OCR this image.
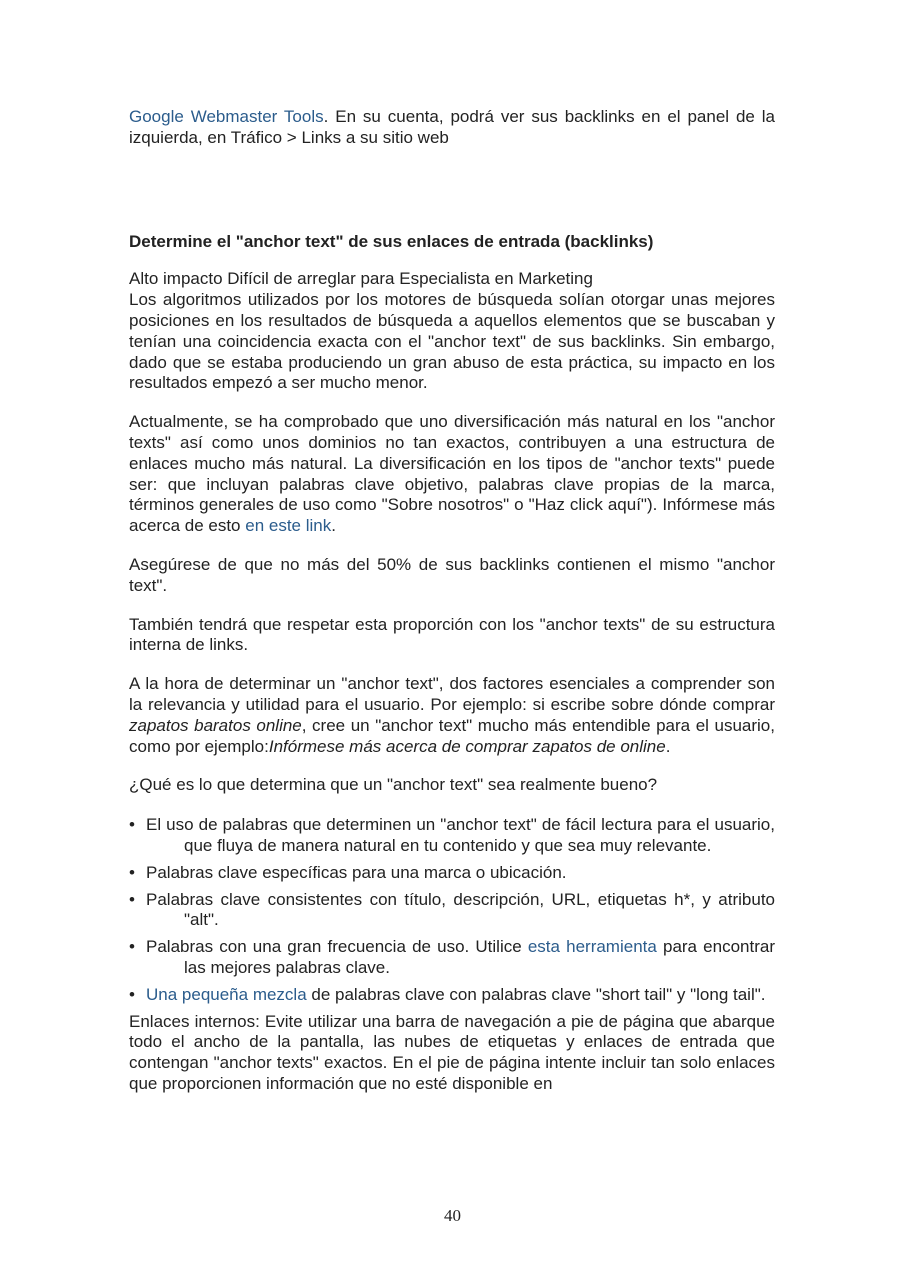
Google Webmaster Tools. En su cuenta, podrá ver sus backlinks en el panel de la izquierda, en Tráfico > Links a su sitio web

Determine el "anchor text" de sus enlaces de entrada (backlinks)

Alto impacto Difícil de arreglar para Especialista en Marketing

Los algoritmos utilizados por los motores de búsqueda solían otorgar unas mejores posiciones en los resultados de búsqueda a aquellos elementos que se buscaban y tenían una coincidencia exacta con el "anchor text" de sus backlinks. Sin embargo, dado que se estaba produciendo un gran abuso de esta práctica, su impacto en los resultados empezó a ser mucho menor.

Actualmente, se ha comprobado que uno diversificación más natural en los "anchor texts" así como unos dominios no tan exactos, contribuyen a una estructura de enlaces mucho más natural. La diversificación en los tipos de "anchor texts" puede ser: que incluyan palabras clave objetivo, palabras clave propias de la marca, términos generales de uso como "Sobre nosotros" o "Haz click aquí"). Infórmese más acerca de esto en este link.

Asegúrese de que no más del 50% de sus backlinks contienen el mismo "anchor text".

También tendrá que respetar esta proporción con los "anchor texts" de su estructura interna de links.

A la hora de determinar un "anchor text", dos factores esenciales a comprender son la relevancia y utilidad para el usuario. Por ejemplo: si escribe sobre dónde comprar zapatos baratos online, cree un "anchor text" mucho más entendible para el usuario, como por ejemplo:Infórmese más acerca de comprar zapatos de online.

¿Qué es lo que determina que un "anchor text" sea realmente bueno?

• El uso de palabras que determinen un "anchor text" de fácil lectura para el usuario, que fluya de manera natural en tu contenido y que sea muy relevante.
• Palabras clave específicas para una marca o ubicación.
• Palabras clave consistentes con título, descripción, URL, etiquetas h*, y atributo "alt".
• Palabras con una gran frecuencia de uso. Utilice esta herramienta para encontrar las mejores palabras clave.
• Una pequeña mezcla de palabras clave con palabras clave "short tail" y "long tail".

Enlaces internos: Evite utilizar una barra de navegación a pie de página que abarque todo el ancho de la pantalla, las nubes de etiquetas y enlaces de entrada que contengan "anchor texts" exactos. En el pie de página intente incluir tan solo enlaces que proporcionen información que no esté disponible en

40
